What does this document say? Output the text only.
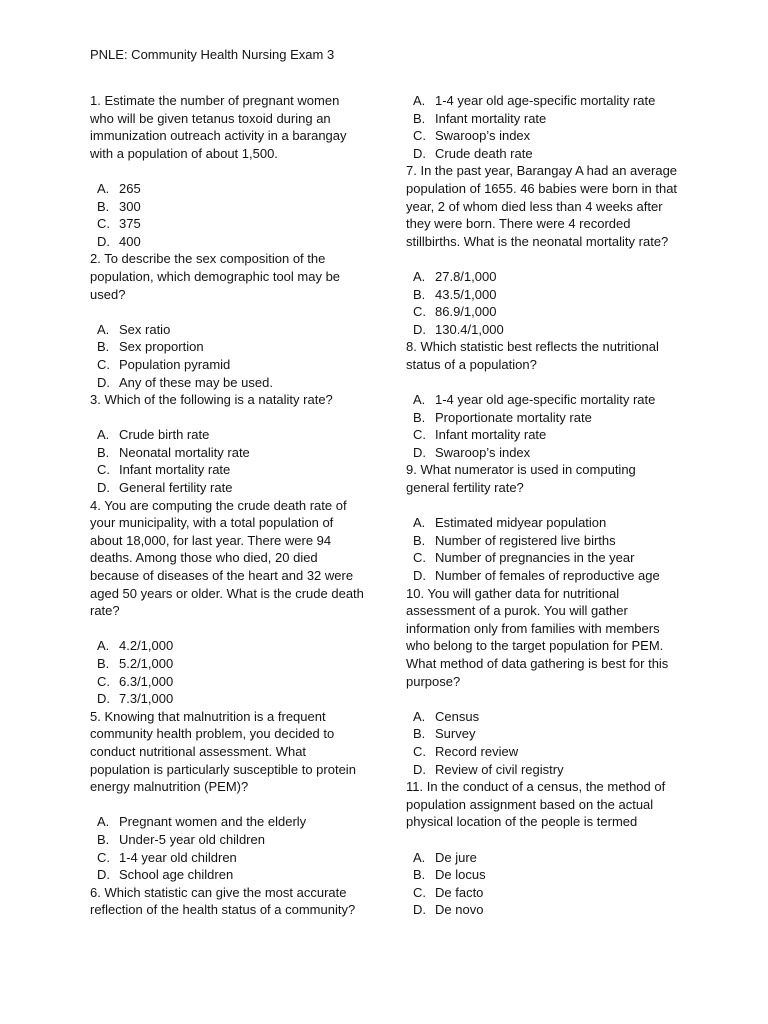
PNLE: Community Health Nursing Exam 3
1. Estimate the number of pregnant women
who will be given tetanus toxoid during an
immunization outreach activity in a barangay
with a population of about 1,500.
A. 265
B. 300
C. 375
D. 400
2. To describe the sex composition of the
population, which demographic tool may be
used?
A. Sex ratio
B. Sex proportion
C. Population pyramid
D. Any of these may be used.
3. Which of the following is a natality rate?
A. Crude birth rate
B. Neonatal mortality rate
C. Infant mortality rate
D. General fertility rate
4. You are computing the crude death rate of
your municipality, with a total population of
about 18,000, for last year. There were 94
deaths. Among those who died, 20 died
because of diseases of the heart and 32 were
aged 50 years or older. What is the crude death
rate?
A. 4.2/1,000
B. 5.2/1,000
C. 6.3/1,000
D. 7.3/1,000
5. Knowing that malnutrition is a frequent
community health problem, you decided to
conduct nutritional assessment. What
population is particularly susceptible to protein
energy malnutrition (PEM)?
A. Pregnant women and the elderly
B. Under-5 year old children
C. 1-4 year old children
D. School age children
6. Which statistic can give the most accurate
reflection of the health status of a community?
A. 1-4 year old age-specific mortality rate
B. Infant mortality rate
C. Swaroop’s index
D. Crude death rate
7. In the past year, Barangay A had an average
population of 1655. 46 babies were born in that
year, 2 of whom died less than 4 weeks after
they were born. There were 4 recorded
stillbirths. What is the neonatal mortality rate?
A. 27.8/1,000
B. 43.5/1,000
C. 86.9/1,000
D. 130.4/1,000
8. Which statistic best reflects the nutritional
status of a population?
A. 1-4 year old age-specific mortality rate
B. Proportionate mortality rate
C. Infant mortality rate
D. Swaroop’s index
9. What numerator is used in computing
general fertility rate?
A. Estimated midyear population
B. Number of registered live births
C. Number of pregnancies in the year
D. Number of females of reproductive age
10. You will gather data for nutritional
assessment of a purok. You will gather
information only from families with members
who belong to the target population for PEM.
What method of data gathering is best for this
purpose?
A. Census
B. Survey
C. Record review
D. Review of civil registry
11. In the conduct of a census, the method of
population assignment based on the actual
physical location of the people is termed
A. De jure
B. De locus
C. De facto
D. De novo
